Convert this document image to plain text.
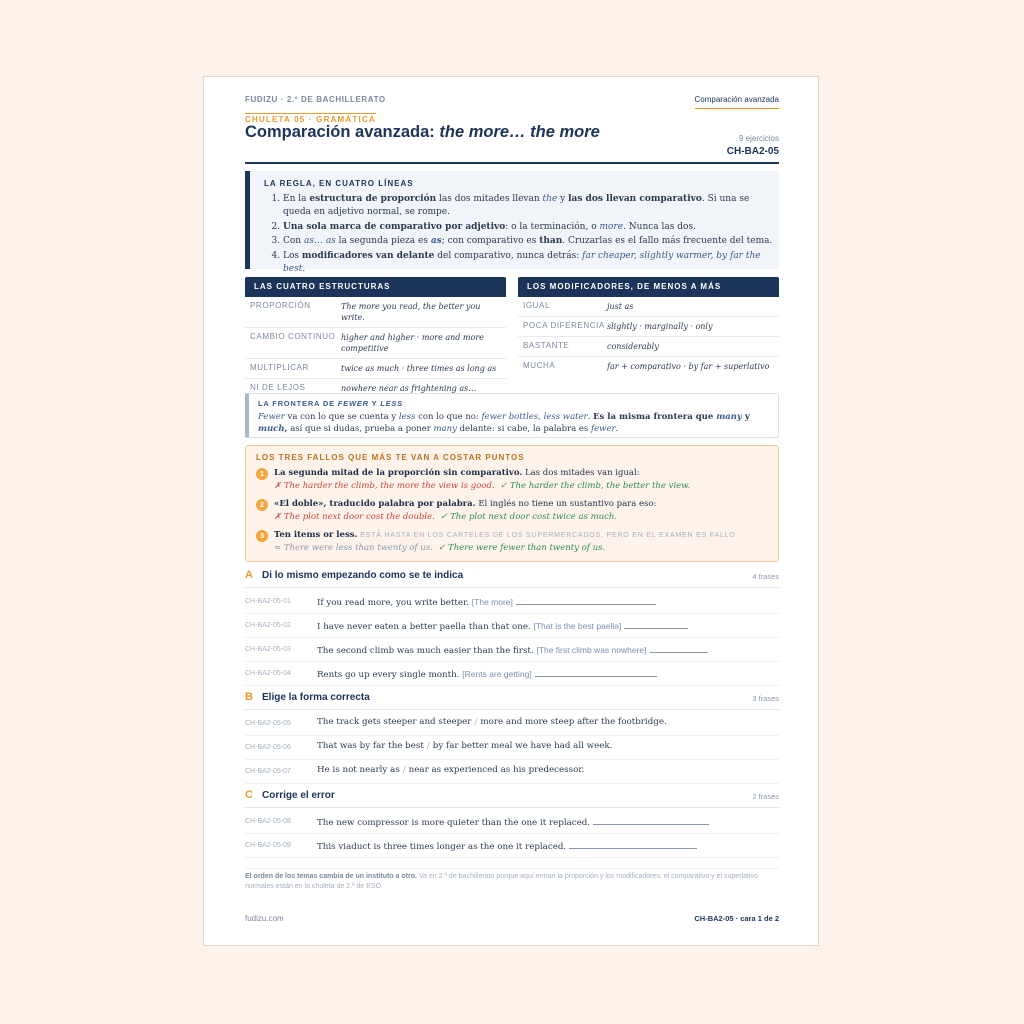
FUDIZU · 2.º DE BACHILLERATO	Comparación avanzada
CHULETA 05 · GRAMÁTICA
Comparación avanzada: the more… the more	9 ejercicios
CH-BA2-05
LA REGLA, EN CUATRO LÍNEAS
1. En la estructura de proporción las dos mitades llevan the y las dos llevan comparativo. Si una se queda en adjetivo normal, se rompe.
2. Una sola marca de comparativo por adjetivo: o la terminación, o more. Nunca las dos.
3. Con as… as la segunda pieza es as; con comparativo es than. Cruzarlas es el fallo más frecuente del tema.
4. Los modificadores van delante del comparativo, nunca detrás: far cheaper, slightly warmer, by far the best.
LAS CUATRO ESTRUCTURAS
PROPORCIÓN	The more you read, the better you write.
CAMBIO CONTINUO higher and higher · more and more competitive
MULTIPLICAR	twice as much · three times as long as
NI DE LEJOS	nowhere near as frightening as…
LOS MODIFICADORES, DE MENOS A MÁS
IGUAL	just as
POCA DIFERENCIA slightly · marginally · only
BASTANTE	considerably
MUCHA	far + comparativo · by far + superlativo
LA FRONTERA DE FEWER Y LESS

Fewer va con lo que se cuenta y less con lo que no: fewer bottles, less water. Es la misma frontera que many y much, así que si dudas, prueba a poner many delante: si cabe, la palabra es fewer.

LOS TRES FALLOS QUE MÁS TE VAN A COSTAR PUNTOS
1	La segunda mitad de la proporción sin comparativo. Las dos mitades van igual:
✗ The harder the climb, the more the view is good. ✓ The harder the climb, the better the view.
2	«El doble», traducido palabra por palabra. El inglés no tiene un sustantivo para eso:
✗ The plot next door cost the double. ✓ The plot next door cost twice as much.
3	Ten items or less. ESTÁ HASTA EN LOS CARTELES DE LOS SUPERMERCADOS, PERO EN EL EXAMEN ES FALLO
≈ There were less than twenty of us. ✓ There were fewer than twenty of us.
A Di lo mismo empezando como se te indica	4 frases
CH-BA2-05-01	If you read more, you write better. [The more]
CH-BA2-05-02	I have never eaten a better paella than that one. [That is the best paella]
CH-BA2-05-03	The second climb was much easier than the first. [The first climb was nowhere]
CH-BA2-05-04	Rents go up every single month. [Rents are getting]
B Elige la forma correcta	3 frases
CH-BA2-05-05	The track gets steeper and steeper / more and more steep after the footbridge.
CH-BA2-05-06	That was by far the best / by far better meal we have had all week.
CH-BA2-05-07	He is not nearly as / near as experienced as his predecessor.
C Corrige el error	2 frases
CH-BA2-05-08	The new compressor is more quieter than the one it replaced.
CH-BA2-05-09	This viaduct is three times longer as the one it replaced.
El orden de los temas cambia de un instituto a otro. Va en 2.º de bachillerato porque aquí entran la proporción y los modificadores; el comparativo y el superlativo normales están en la chuleta de 2.º de ESO.
fudizu.com	CH-BA2-05 · cara 1 de 2
